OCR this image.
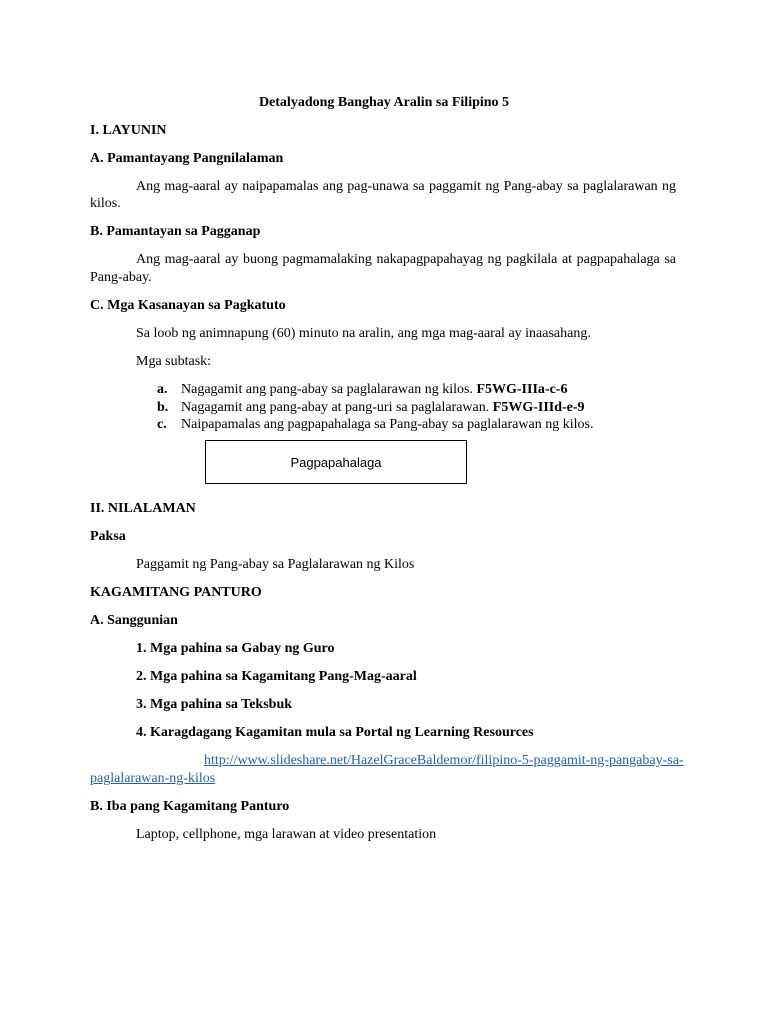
Detalyadong Banghay Aralin sa Filipino 5
I. LAYUNIN
A. Pamantayang Pangnilalaman
Ang mag-aaral ay naipapamalas ang pag-unawa sa paggamit ng Pang-abay sa paglalarawan ng
kilos.
B. Pamantayan sa Pagganap
Ang mag-aaral ay buong pagmamalaking nakapagpapahayag ng pagkilala at pagpapahalaga sa
Pang-abay.
C. Mga Kasanayan sa Pagkatuto
Sa loob ng animnapung (60) minuto na aralin, ang mga mag-aaral ay inaasahang.
Mga subtask:
a. Nagagamit ang pang-abay sa paglalarawan ng kilos. F5WG-IIIa-c-6
b. Nagagamit ang pang-abay at pang-uri sa paglalarawan. F5WG-IIId-e-9
c. Naipapamalas ang pagpapahalaga sa Pang-abay sa paglalarawan ng kilos.
Pagpapahalaga
II. NILALAMAN
Paksa
Paggamit ng Pang-abay sa Paglalarawan ng Kilos
KAGAMITANG PANTURO
A. Sanggunian
1. Mga pahina sa Gabay ng Guro
2. Mga pahina sa Kagamitang Pang-Mag-aaral
3. Mga pahina sa Teksbuk
4. Karagdagang Kagamitan mula sa Portal ng Learning Resources
http://www.slideshare.net/HazelGraceBaldemor/filipino-5-paggamit-ng-pangabay-sa-
paglalarawan-ng-kilos
B. Iba pang Kagamitang Panturo
Laptop, cellphone, mga larawan at video presentation
